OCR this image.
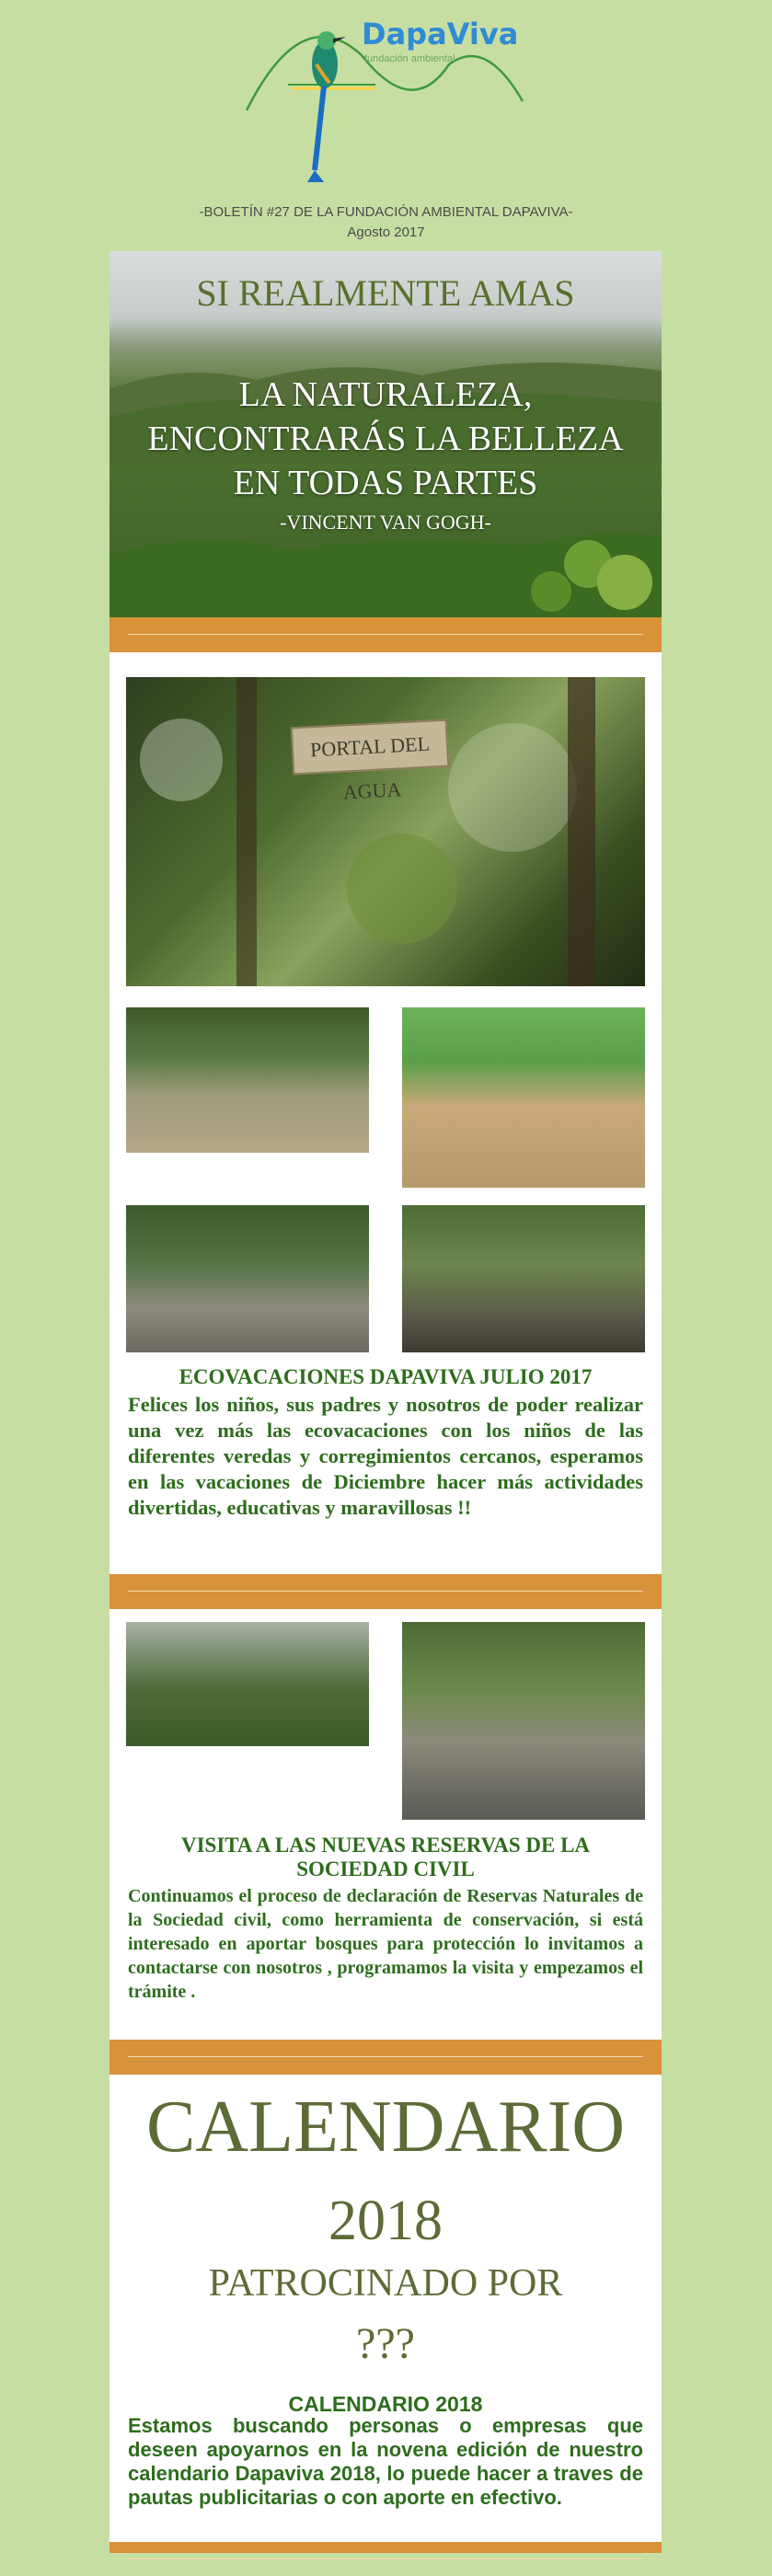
DapaViva
fundación ambiental
-BOLETÍN #27 DE LA FUNDACIÓN AMBIENTAL DAPAVIVA-
Agosto 2017
SI REALMENTE AMAS
LA NATURALEZA,
ENCONTRARÁS LA BELLEZA
EN TODAS PARTES
-VINCENT VAN GOGH-
PORTAL DEL AGUA
ECOVACACIONES DAPAVIVA JULIO 2017
Felices los niños, sus padres y nosotros de poder realizar una vez más las ecovacaciones con los niños de las diferentes veredas y corregimientos cercanos, esperamos en las vacaciones de Diciembre hacer más actividades divertidas, educativas y maravillosas !!
VISITA A LAS NUEVAS RESERVAS DE LA
SOCIEDAD CIVIL
Continuamos el proceso de declaración de Reservas Naturales de la Sociedad civil, como herramienta de conservación, si está interesado en aportar bosques para protección lo invitamos a contactarse con nosotros , programamos la visita y empezamos el trámite .
CALENDARIO
2018
PATROCINADO POR
???
CALENDARIO 2018
Estamos buscando personas o empresas que deseen apoyarnos en la novena edición de nuestro calendario Dapaviva 2018, lo puede hacer a traves de pautas publicitarias o con aporte en efectivo.
